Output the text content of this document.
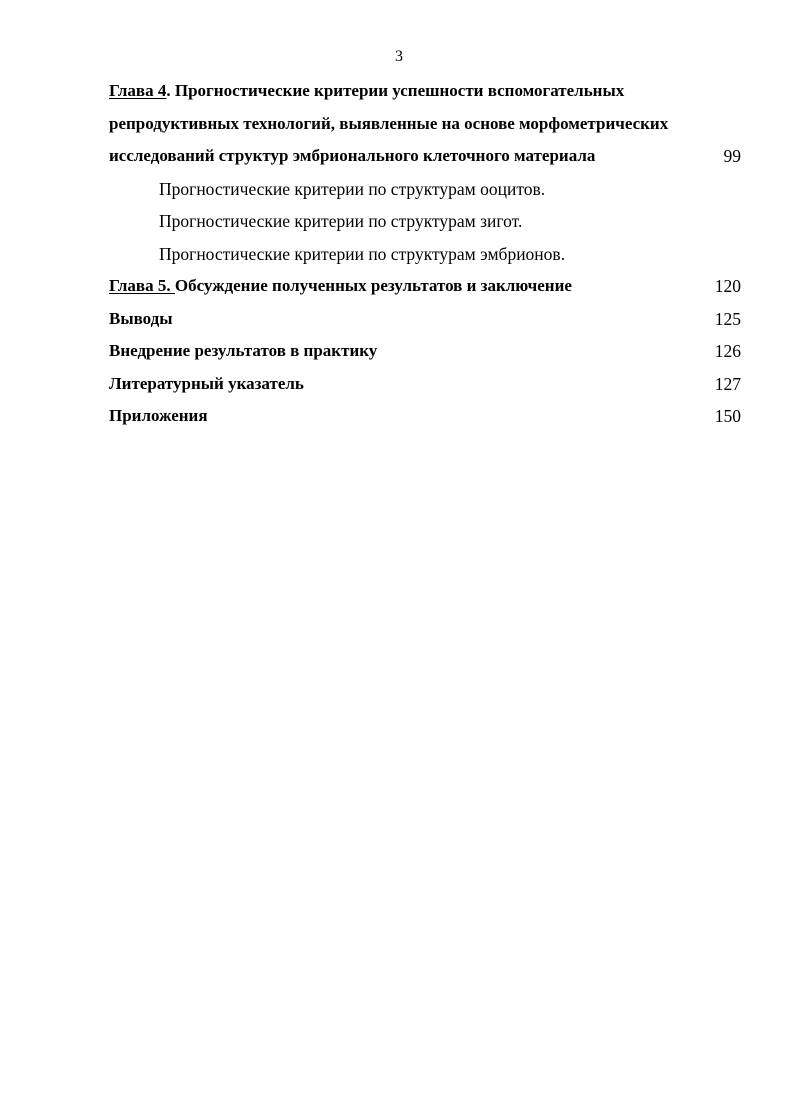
3
Глава 4. Прогностические критерии успешности вспомогательных
репродуктивных технологий, выявленные на основе морфометрических
исследований структур эмбрионального клеточного материала	99
Прогностические критерии по структурам ооцитов.
Прогностические критерии по структурам зигот.
Прогностические критерии по структурам эмбрионов.
Глава 5. Обсуждение полученных результатов и заключение	120
Выводы	125
Внедрение результатов в практику	126
Литературный указатель	127
Приложения	150
